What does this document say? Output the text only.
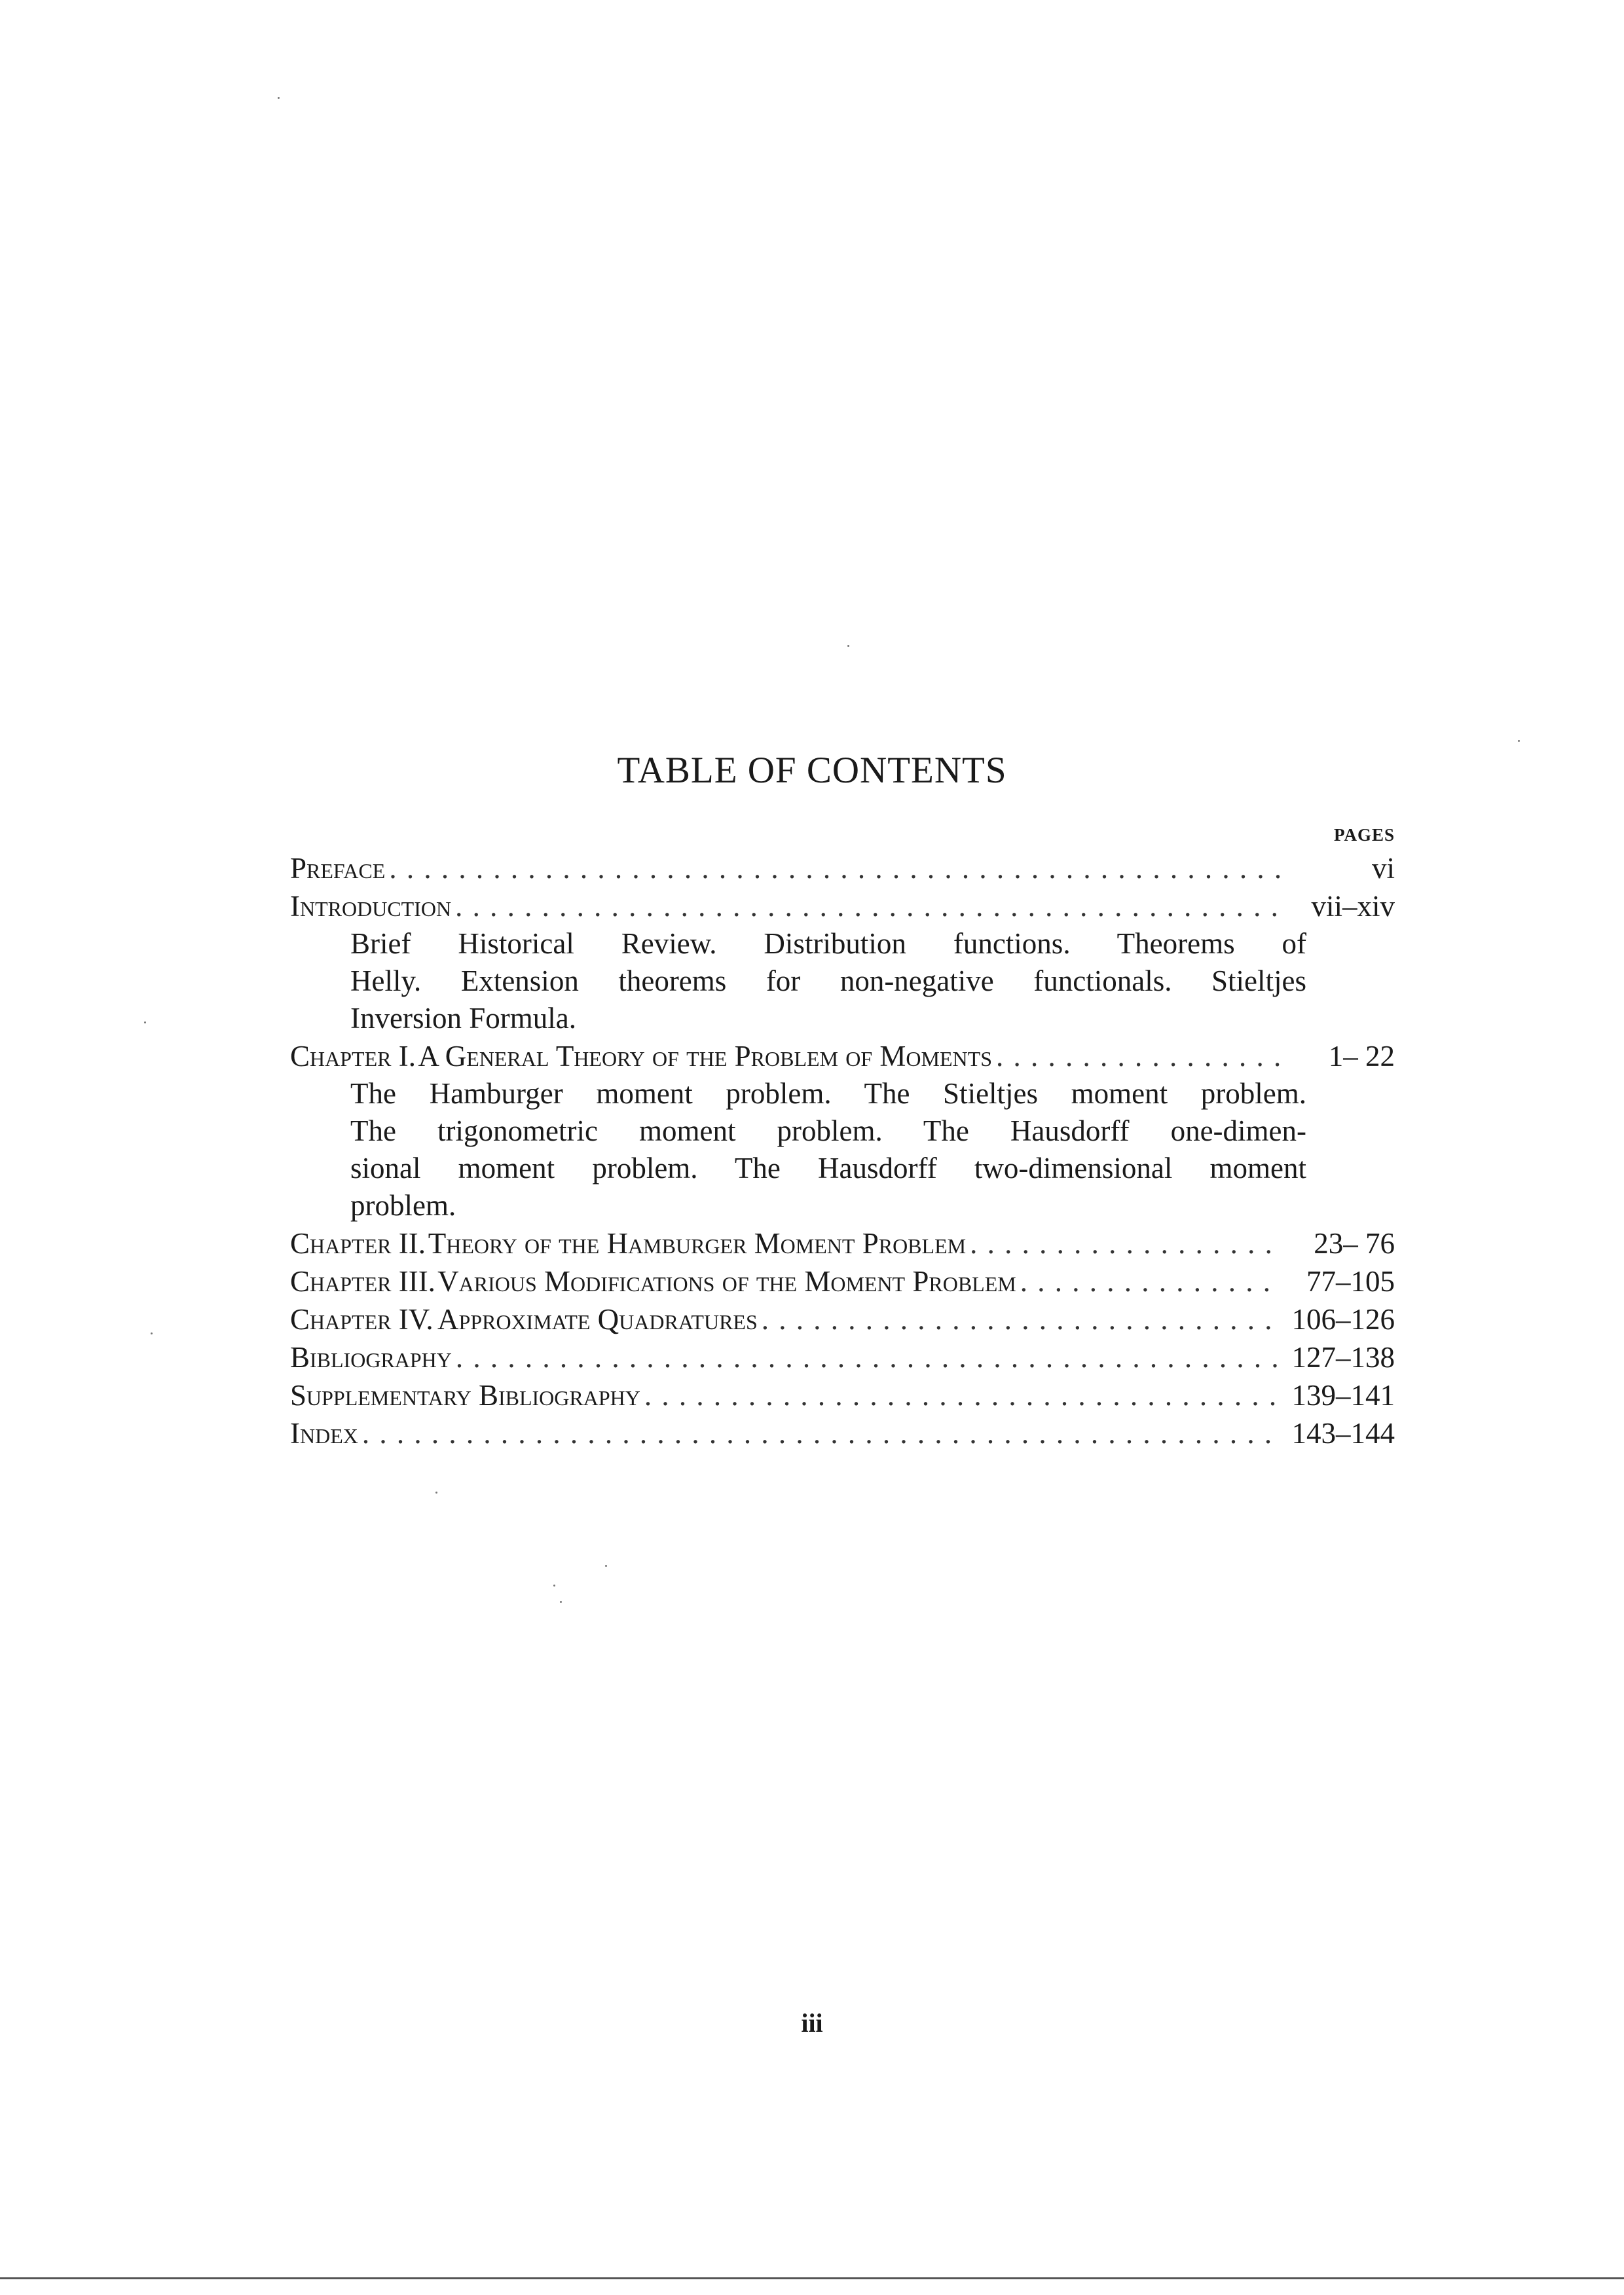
TABLE OF CONTENTS
PAGES
Preface . . .	vi
Introduction . . .	vii–xiv
Brief Historical Review. Distribution functions. Theorems of
Helly. Extension theorems for non-negative functionals. Stieltjes
Inversion Formula.
Chapter I. A General Theory of the Problem of Moments . . .	1– 22
The Hamburger moment problem. The Stieltjes moment problem.
The trigonometric moment problem. The Hausdorff one-dimen-
sional moment problem. The Hausdorff two-dimensional moment
problem.
Chapter II. Theory of the Hamburger Moment Problem . . .	23– 76
Chapter III. Various Modifications of the Moment Problem . . .	77–105
Chapter IV. Approximate Quadratures . . .	106–126
Bibliography . . .	127–138
Supplementary Bibliography . . .	139–141
Index . . .	143–144
iii
